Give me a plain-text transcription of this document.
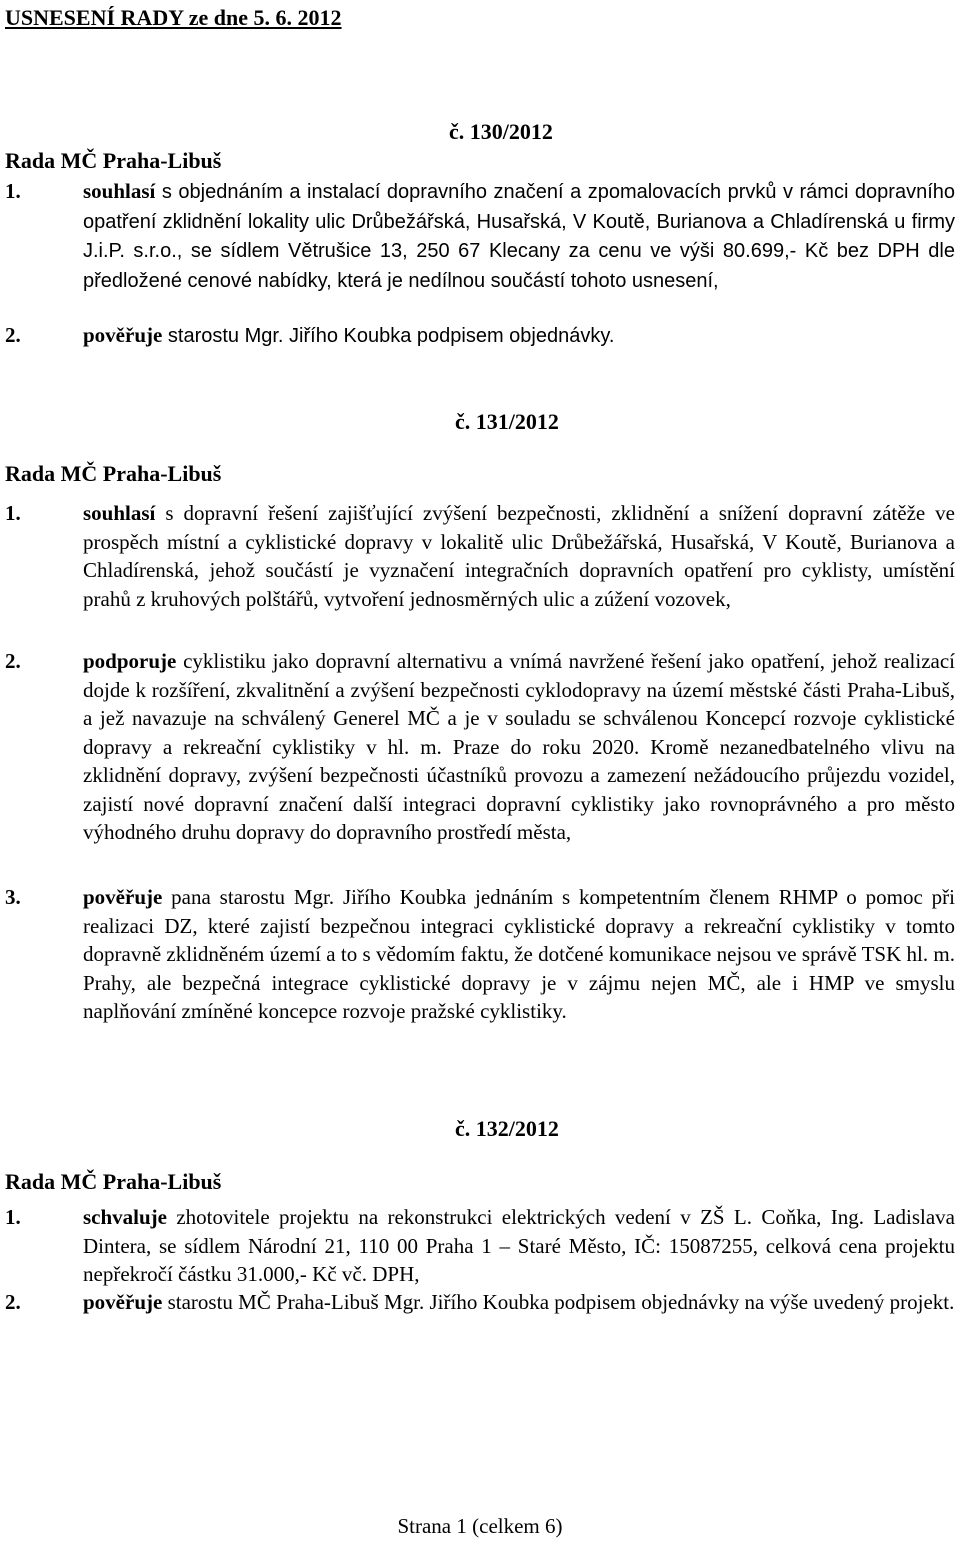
USNESENÍ RADY ze dne 5. 6. 2012
č. 130/2012
Rada MČ Praha-Libuš
1.	souhlasí s objednáním a instalací dopravního značení a zpomalovacích prvků v rámci dopravního opatření zklidnění lokality ulic Drůbežářská, Husařská, V Koutě, Burianova a Chladírenská u firmy J.i.P. s.r.o., se sídlem Větrušice 13, 250 67 Klecany za cenu ve výši 80.699,- Kč bez DPH dle předložené cenové nabídky, která je nedílnou součástí tohoto usnesení,
2.	pověřuje starostu Mgr. Jiřího Koubka podpisem objednávky.
č. 131/2012
Rada MČ Praha-Libuš
1.	souhlasí s dopravní řešení zajišťující zvýšení bezpečnosti, zklidnění a snížení dopravní zátěže ve prospěch místní a cyklistické dopravy v lokalitě ulic Drůbežářská, Husařská, V Koutě, Burianova a Chladírenská, jehož součástí je vyznačení integračních dopravních opatření pro cyklisty, umístění prahů z kruhových polštářů, vytvoření jednosměrných ulic a zúžení vozovek,
2.	podporuje cyklistiku jako dopravní alternativu a vnímá navržené řešení jako opatření, jehož realizací dojde k rozšíření, zkvalitnění a zvýšení bezpečnosti cyklodopravy na území městské části Praha-Libuš, a jež navazuje na schválený Generel MČ a je v souladu se schválenou Koncepcí rozvoje cyklistické dopravy a rekreační cyklistiky v hl. m. Praze do roku 2020. Kromě nezanedbatelného vlivu na zklidnění dopravy, zvýšení bezpečnosti účastníků provozu a zamezení nežádoucího průjezdu vozidel, zajistí nové dopravní značení další integraci dopravní cyklistiky jako rovnoprávného a pro město výhodného druhu dopravy do dopravního prostředí města,
3.	pověřuje pana starostu Mgr. Jiřího Koubka jednáním s kompetentním členem RHMP o pomoc při realizaci DZ, které zajistí bezpečnou integraci cyklistické dopravy a rekreační cyklistiky v tomto dopravně zklidněném území a to s vědomím faktu, že dotčené komunikace nejsou ve správě TSK hl. m. Prahy, ale bezpečná integrace cyklistické dopravy je v zájmu nejen MČ, ale i HMP ve smyslu naplňování zmíněné koncepce rozvoje pražské cyklistiky.
č. 132/2012
Rada MČ Praha-Libuš
1.	schvaluje zhotovitele projektu na rekonstrukci elektrických vedení v ZŠ L. Coňka, Ing. Ladislava Dintera, se sídlem Národní 21, 110 00 Praha 1 – Staré Město, IČ: 15087255, celková cena projektu nepřekročí částku 31.000,- Kč vč. DPH,
2.	pověřuje starostu MČ Praha-Libuš Mgr. Jiřího Koubka podpisem objednávky na výše uvedený projekt.
Strana 1 (celkem 6)
